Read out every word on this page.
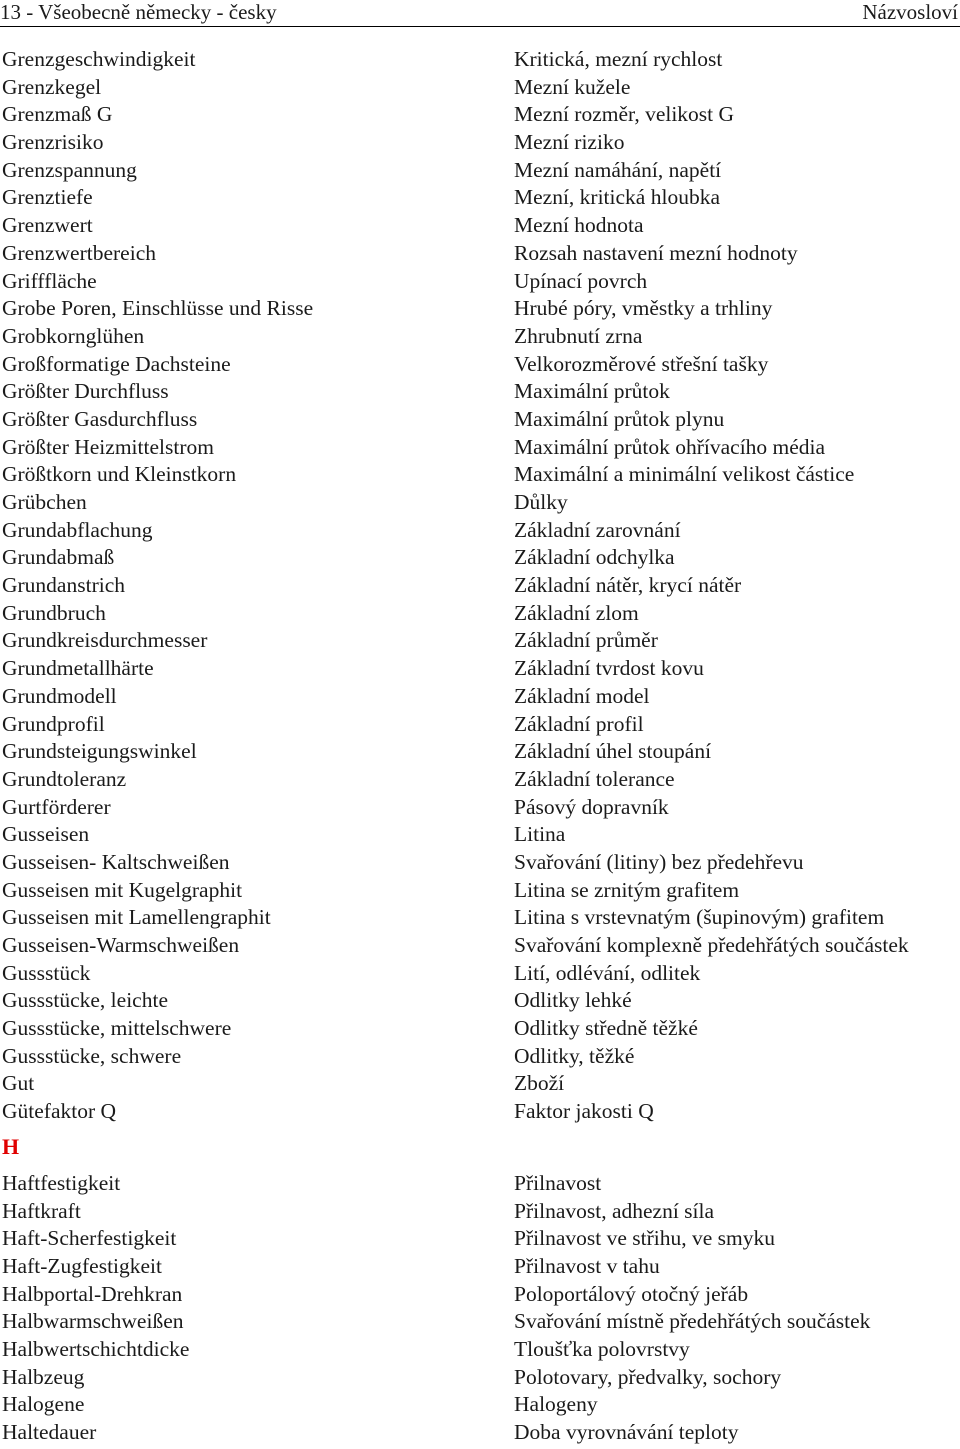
13 - Všeobecně německy - česky	Názvosloví
Grenzgeschwindigkeit	Kritická, mezní rychlost
Grenzkegel	Mezní kužele
Grenzmaß G	Mezní rozměr, velikost G
Grenzrisiko	Mezní riziko
Grenzspannung	Mezní namáhání, napětí
Grenztiefe	Mezní, kritická hloubka
Grenzwert	Mezní hodnota
Grenzwertbereich	Rozsah nastavení mezní hodnoty
Grifffläche	Upínací povrch
Grobe Poren, Einschlüsse und Risse	Hrubé póry, vměstky a trhliny
Grobkornglühen	Zhrubnutí zrna
Großformatige Dachsteine	Velkorozměrové střešní tašky
Größter Durchfluss	Maximální průtok
Größter Gasdurchfluss	Maximální průtok plynu
Größter Heizmittelstrom	Maximální průtok ohřívacího média
Größtkorn und Kleinstkorn	Maximální a minimální velikost částice
Grübchen	Důlky
Grundabflachung	Základní zarovnání
Grundabmaß	Základní odchylka
Grundanstrich	Základní nátěr, krycí nátěr
Grundbruch	Základní zlom
Grundkreisdurchmesser	Základní průměr
Grundmetallhärte	Základní tvrdost kovu
Grundmodell	Základní model
Grundprofil	Základní profil
Grundsteigungswinkel	Základní úhel stoupání
Grundtoleranz	Základní tolerance
Gurtförderer	Pásový dopravník
Gusseisen	Litina
Gusseisen- Kaltschweißen	Svařování (litiny) bez předehřevu
Gusseisen mit Kugelgraphit	Litina se zrnitým grafitem
Gusseisen mit Lamellengraphit	Litina s vrstevnatým (šupinovým) grafitem
Gusseisen-Warmschweißen	Svařování komplexně předehřátých součástek
Gussstück	Lití, odlévání, odlitek
Gussstücke, leichte	Odlitky lehké
Gussstücke, mittelschwere	Odlitky středně těžké
Gussstücke, schwere	Odlitky, těžké
Gut	Zboží
Gütefaktor Q	Faktor jakosti Q
H
Haftfestigkeit	Přilnavost
Haftkraft	Přilnavost, adhezní síla
Haft-Scherfestigkeit	Přilnavost ve střihu, ve smyku
Haft-Zugfestigkeit	Přilnavost v tahu
Halbportal-Drehkran	Poloportálový otočný jeřáb
Halbwarmschweißen	Svařování místně předehřátých součástek
Halbwertschichtdicke	Tloušťka polovrstvy
Halbzeug	Polotovary, předvalky, sochory
Halogene	Halogeny
Haltedauer	Doba vyrovnávání teploty
